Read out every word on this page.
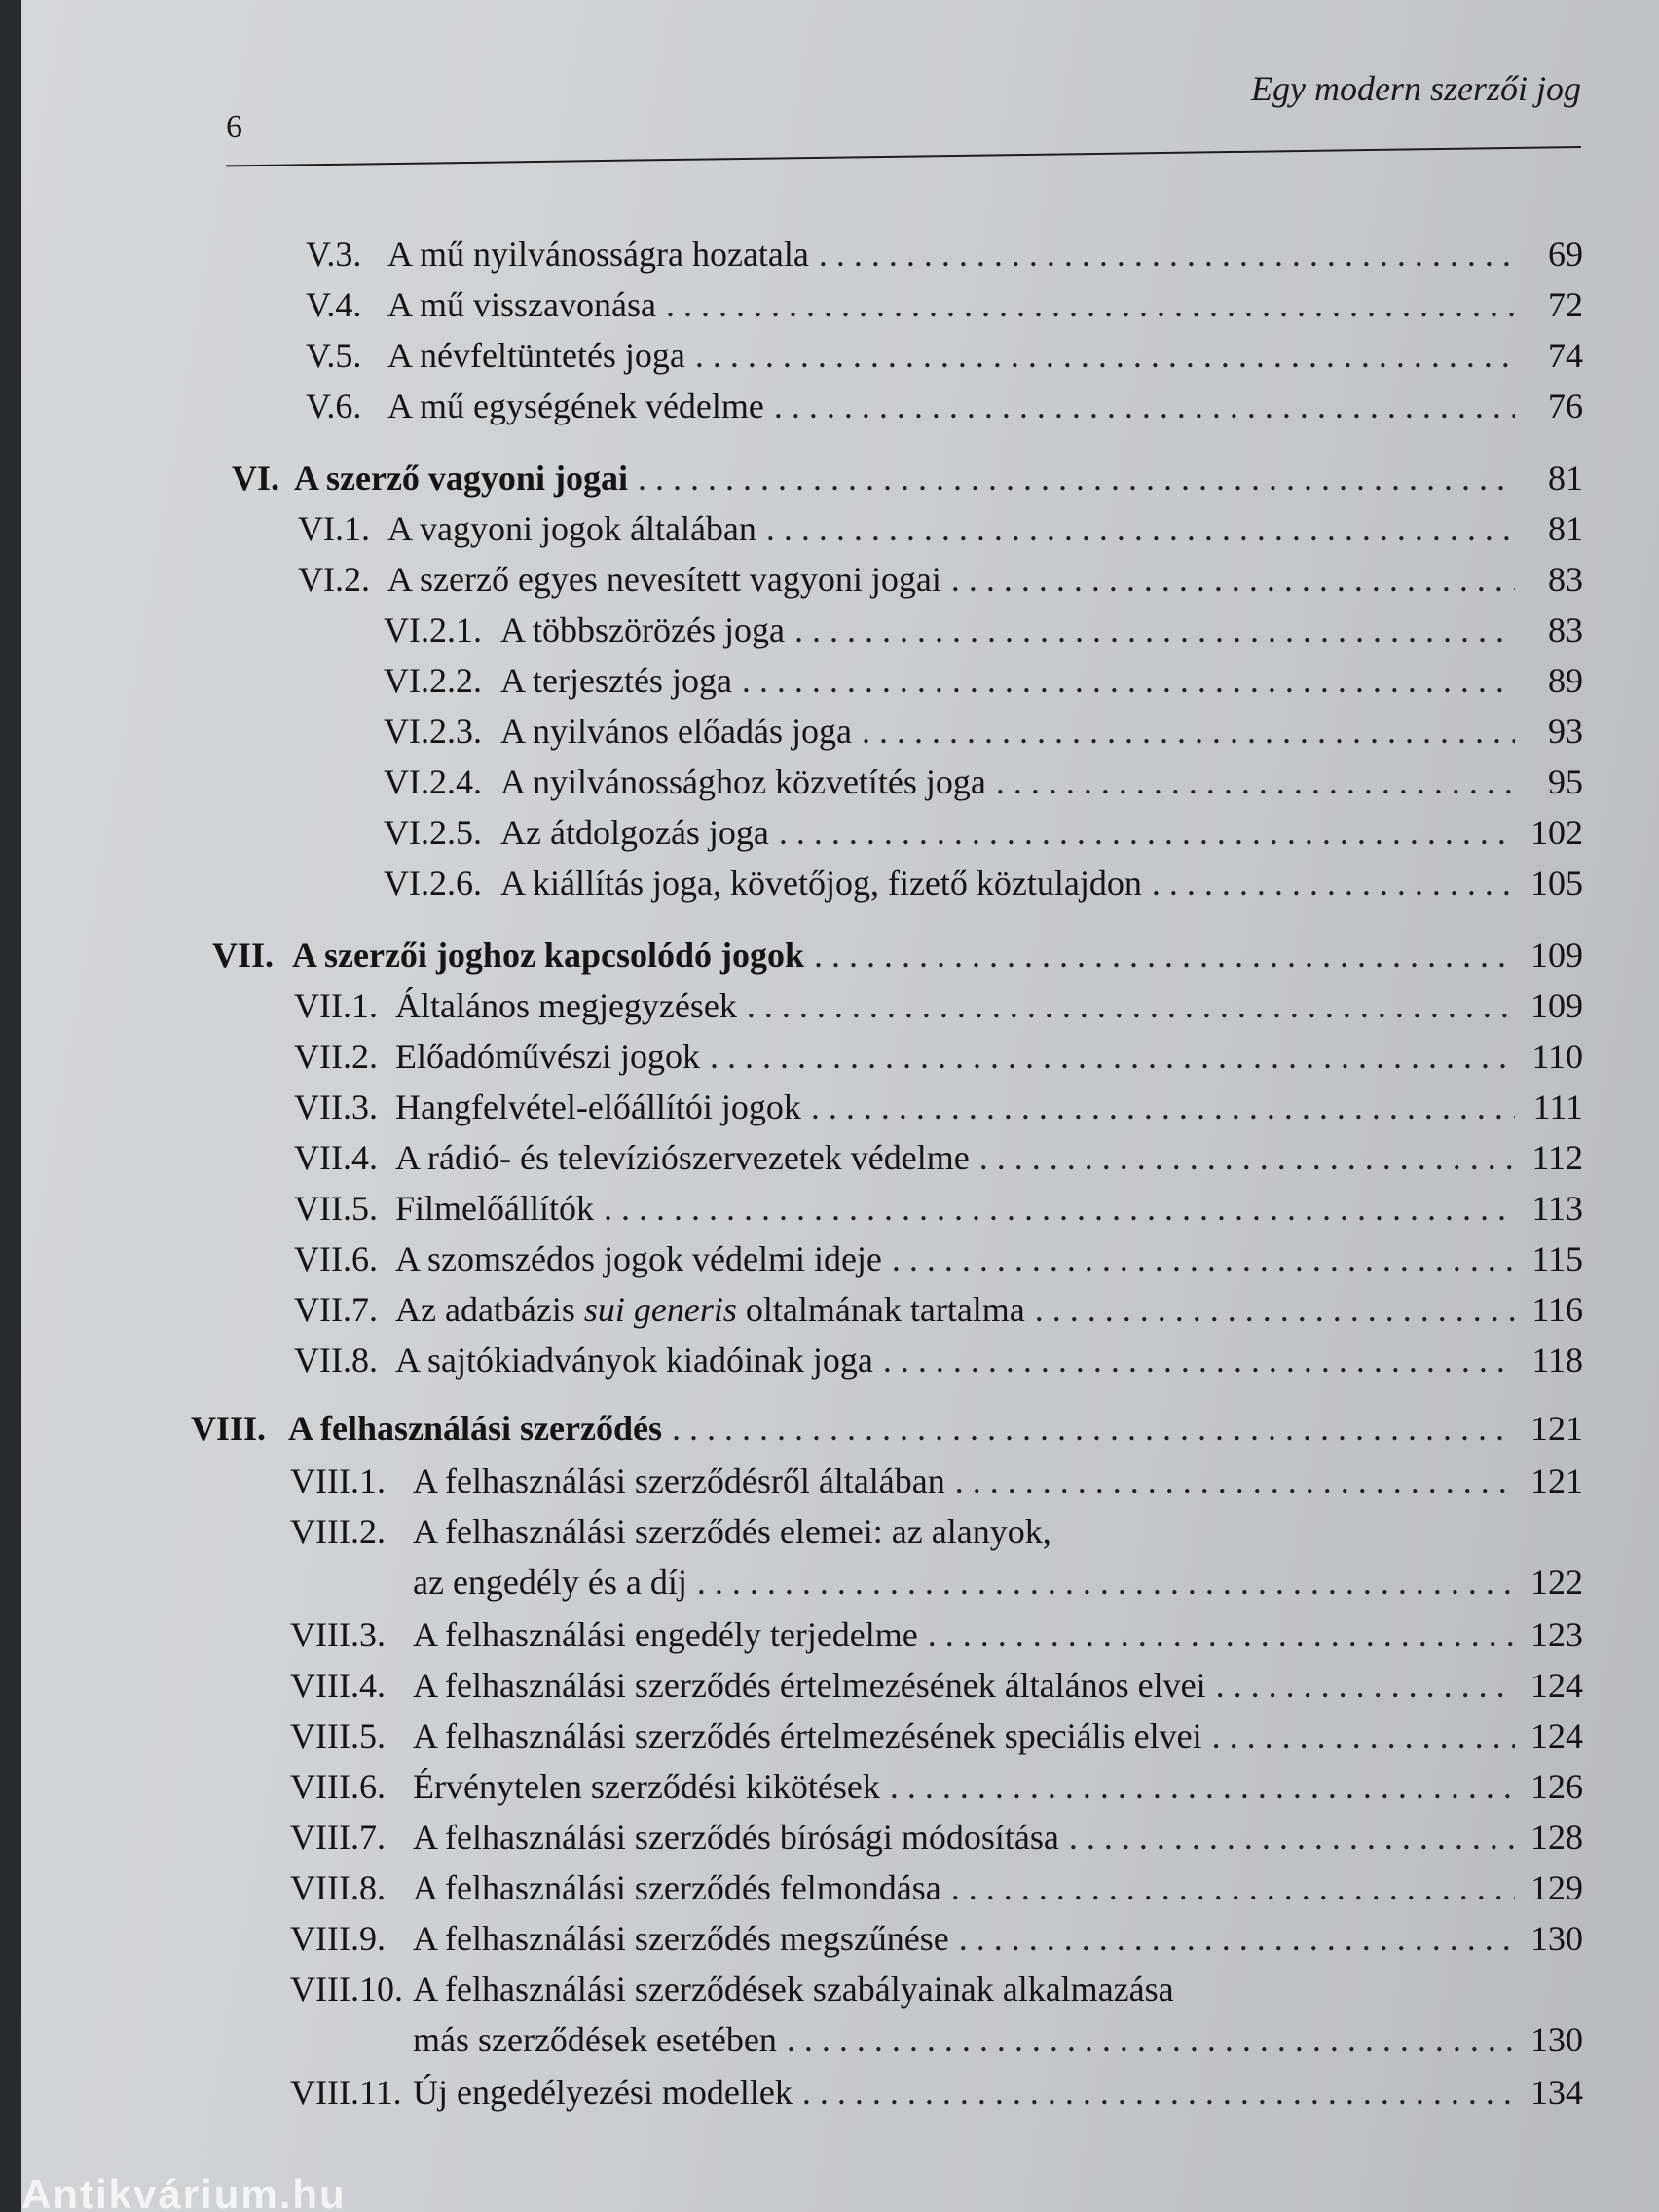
6
Egy modern szerzői jog
V.3. A mű nyilvánosságra hozatala . . .	69
V.4. A mű visszavonása . . .	72
V.5. A névfeltüntetés joga . . .	74
V.6. A mű egységének védelme . . .	76
VI. A szerző vagyoni jogai . . .	81
VI.1. A vagyoni jogok általában . . .	81
VI.2. A szerző egyes nevesített vagyoni jogai . . .	83
VI.2.1. A többszörözés joga . . .	83
VI.2.2. A terjesztés joga . . .	89
VI.2.3. A nyilvános előadás joga . . .	93
VI.2.4. A nyilvánossághoz közvetítés joga . . .	95
VI.2.5. Az átdolgozás joga . . .	102
VI.2.6. A kiállítás joga, követőjog, fizető köztulajdon . . .	105
VII. A szerzői joghoz kapcsolódó jogok . . .	109
VII.1. Általános megjegyzések . . .	109
VII.2. Előadóművészi jogok . . .	110
VII.3. Hangfelvétel-előállítói jogok . . .	111
VII.4. A rádió- és televíziószervezetek védelme . . .	112
VII.5. Filmelőállítók . . .	113
VII.6. A szomszédos jogok védelmi ideje . . .	115
VII.7. Az adatbázis sui generis oltalmának tartalma . . .	116
VII.8. A sajtókiadványok kiadóinak joga . . .	118
VIII. A felhasználási szerződés . . .	121
VIII.1. A felhasználási szerződésről általában . . .	121
VIII.2. A felhasználási szerződés elemei: az alanyok,
az engedély és a díj . . .	122
VIII.3. A felhasználási engedély terjedelme . . .	123
VIII.4. A felhasználási szerződés értelmezésének általános elvei . . .	124
VIII.5. A felhasználási szerződés értelmezésének speciális elvei . . .	124
VIII.6. Érvénytelen szerződési kikötések . . .	126
VIII.7. A felhasználási szerződés bírósági módosítása . . .	128
VIII.8. A felhasználási szerződés felmondása . . .	129
VIII.9. A felhasználási szerződés megszűnése . . .	130
VIII.10. A felhasználási szerződések szabályainak alkalmazása
más szerződések esetében . . .	130
VIII.11. Új engedélyezési modellek . . .	134
Antikvárium.hu
